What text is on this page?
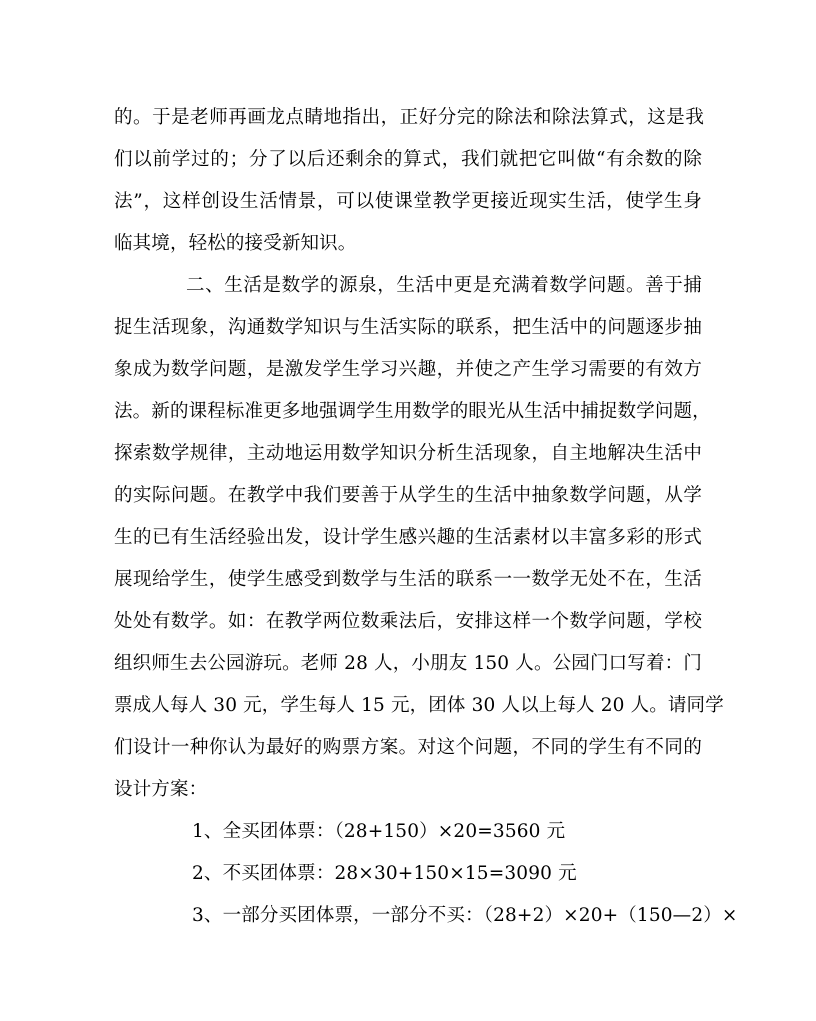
的。于是老师再画龙点睛地指出，正好分完的除法和除法算式，这是我
们以前学过的；分了以后还剩余的算式，我们就把它叫做“有余数的除
法”，这样创设生活情景，可以使课堂教学更接近现实生活，使学生身
临其境，轻松的接受新知识。
二、生活是数学的源泉，生活中更是充满着数学问题。善于捕
捉生活现象，沟通数学知识与生活实际的联系，把生活中的问题逐步抽
象成为数学问题，是激发学生学习兴趣，并使之产生学习需要的有效方
法。新的课程标准更多地强调学生用数学的眼光从生活中捕捉数学问题，
探索数学规律，主动地运用数学知识分析生活现象，自主地解决生活中
的实际问题。在教学中我们要善于从学生的生活中抽象数学问题，从学
生的已有生活经验出发，设计学生感兴趣的生活素材以丰富多彩的形式
展现给学生，使学生感受到数学与生活的联系一一数学无处不在，生活
处处有数学。如：在教学两位数乘法后，安排这样一个数学问题，学校
组织师生去公园游玩。老师 28 人，小朋友 150 人。公园门口写着：门
票成人每人 30 元，学生每人 15 元，团体 30 人以上每人 20 人。请同学
们设计一种你认为最好的购票方案。对这个问题，不同的学生有不同的
设计方案：
1、全买团体票：（28+150）×20=3560 元
2、不买团体票：28×30+150×15=3090 元
3、一部分买团体票，一部分不买：（28+2）×20+（150—2）×
